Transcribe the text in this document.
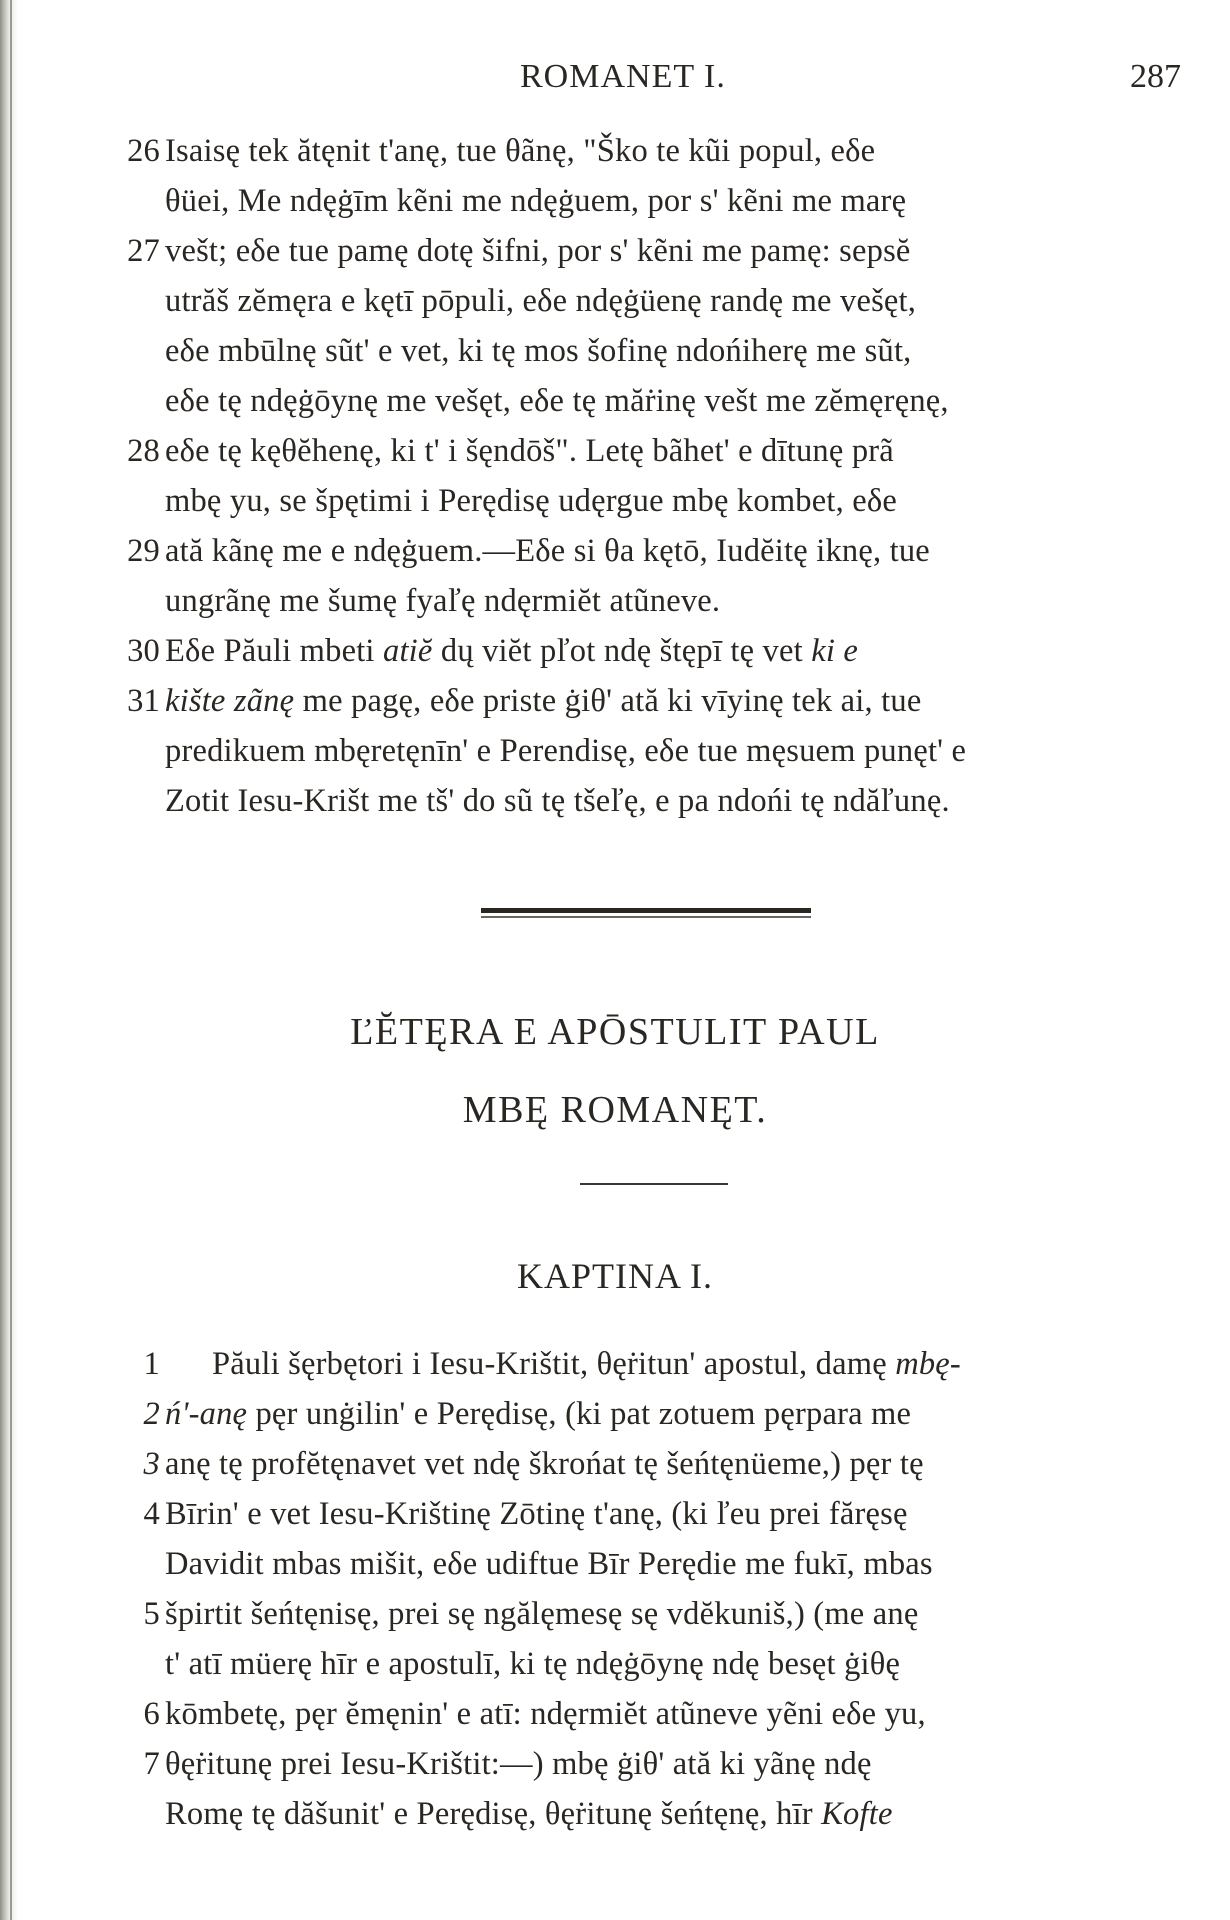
ROMANET I.	287
26 Isaisę tek ătęnit t'anę, tue θãnę, "Ško te kũi popul, eδe
θüei, Me ndęġīm kẽni me ndęġuem, por s' kẽni me marę
27 vešt; eδe tue pamę dotę šifni, por s' kẽni me pamę: sepsĕ
utrăš zĕmęra e kętī pōpuli, eδe ndęġüenę randę me vešęt,
eδe mbūlnę sũt' e vet, ki tę mos šofinę ndońiherę me sũt,
eδe tę ndęġōynę me vešęt, eδe tę măṙinę vešt me zĕmęręnę,
28 eδe tę kęθĕhenę, ki t' i šęndōš". Letę bãhet' e dītunę prã
mbę yu, se špętimi i Perędisę udęrgue mbę kombet, eδe
29 ată kãnę me e ndęġuem.—Eδe si θa kętō, Iudĕitę iknę, tue
ungrãnę me šumę fyaľę ndęrmiĕt atũneve.
30 Eδe Păuli mbeti atiĕ dų viĕt pľot ndę štępī tę vet ki e
31 kište zãnę me pagę, eδe priste ġiθ' ată ki vīyinę tek ai, tue
predikuem mbęretęnīn' e Perendisę, eδe tue męsuem punęt' e
Zotit Iesu-Krišt me tš' do sũ tę tšeľę, e pa ndońi tę ndăľunę.
ĽĔTĘRA E APŌSTULIT PAUL
MBĘ ROMANĘT.
KAPTINA I.
1 Păuli šęrbętori i Iesu-Krištit, θęṙitun' apostul, damę mbę-
2 ń'-anę pęr unġilin' e Perędisę, (ki pat zotuem pęrpara me
3 anę tę profĕtęnavet vet ndę škrońat tę šeńtęnüeme,) pęr tę
4 Bīrin' e vet Iesu-Krištinę Zōtinę t'anę, (ki ľeu prei făręsę
Davidit mbas mišit, eδe udiftue Bīr Perędie me fukī, mbas
5 špirtit šeńtęnisę, prei sę ngălęmesę sę vdĕkuniš,) (me anę
t' atī müerę hīr e apostulī, ki tę ndęġōynę ndę besęt ġiθę
6 kōmbetę, pęr ĕmęnin' e atī: ndęrmiĕt atũneve yẽni eδe yu,
7 θęṙitunę prei Iesu-Krištit:—) mbę ġiθ' ată ki yãnę ndę
Romę tę dăšunit' e Perędisę, θęṙitunę šeńtęnę, hīr Kofte
